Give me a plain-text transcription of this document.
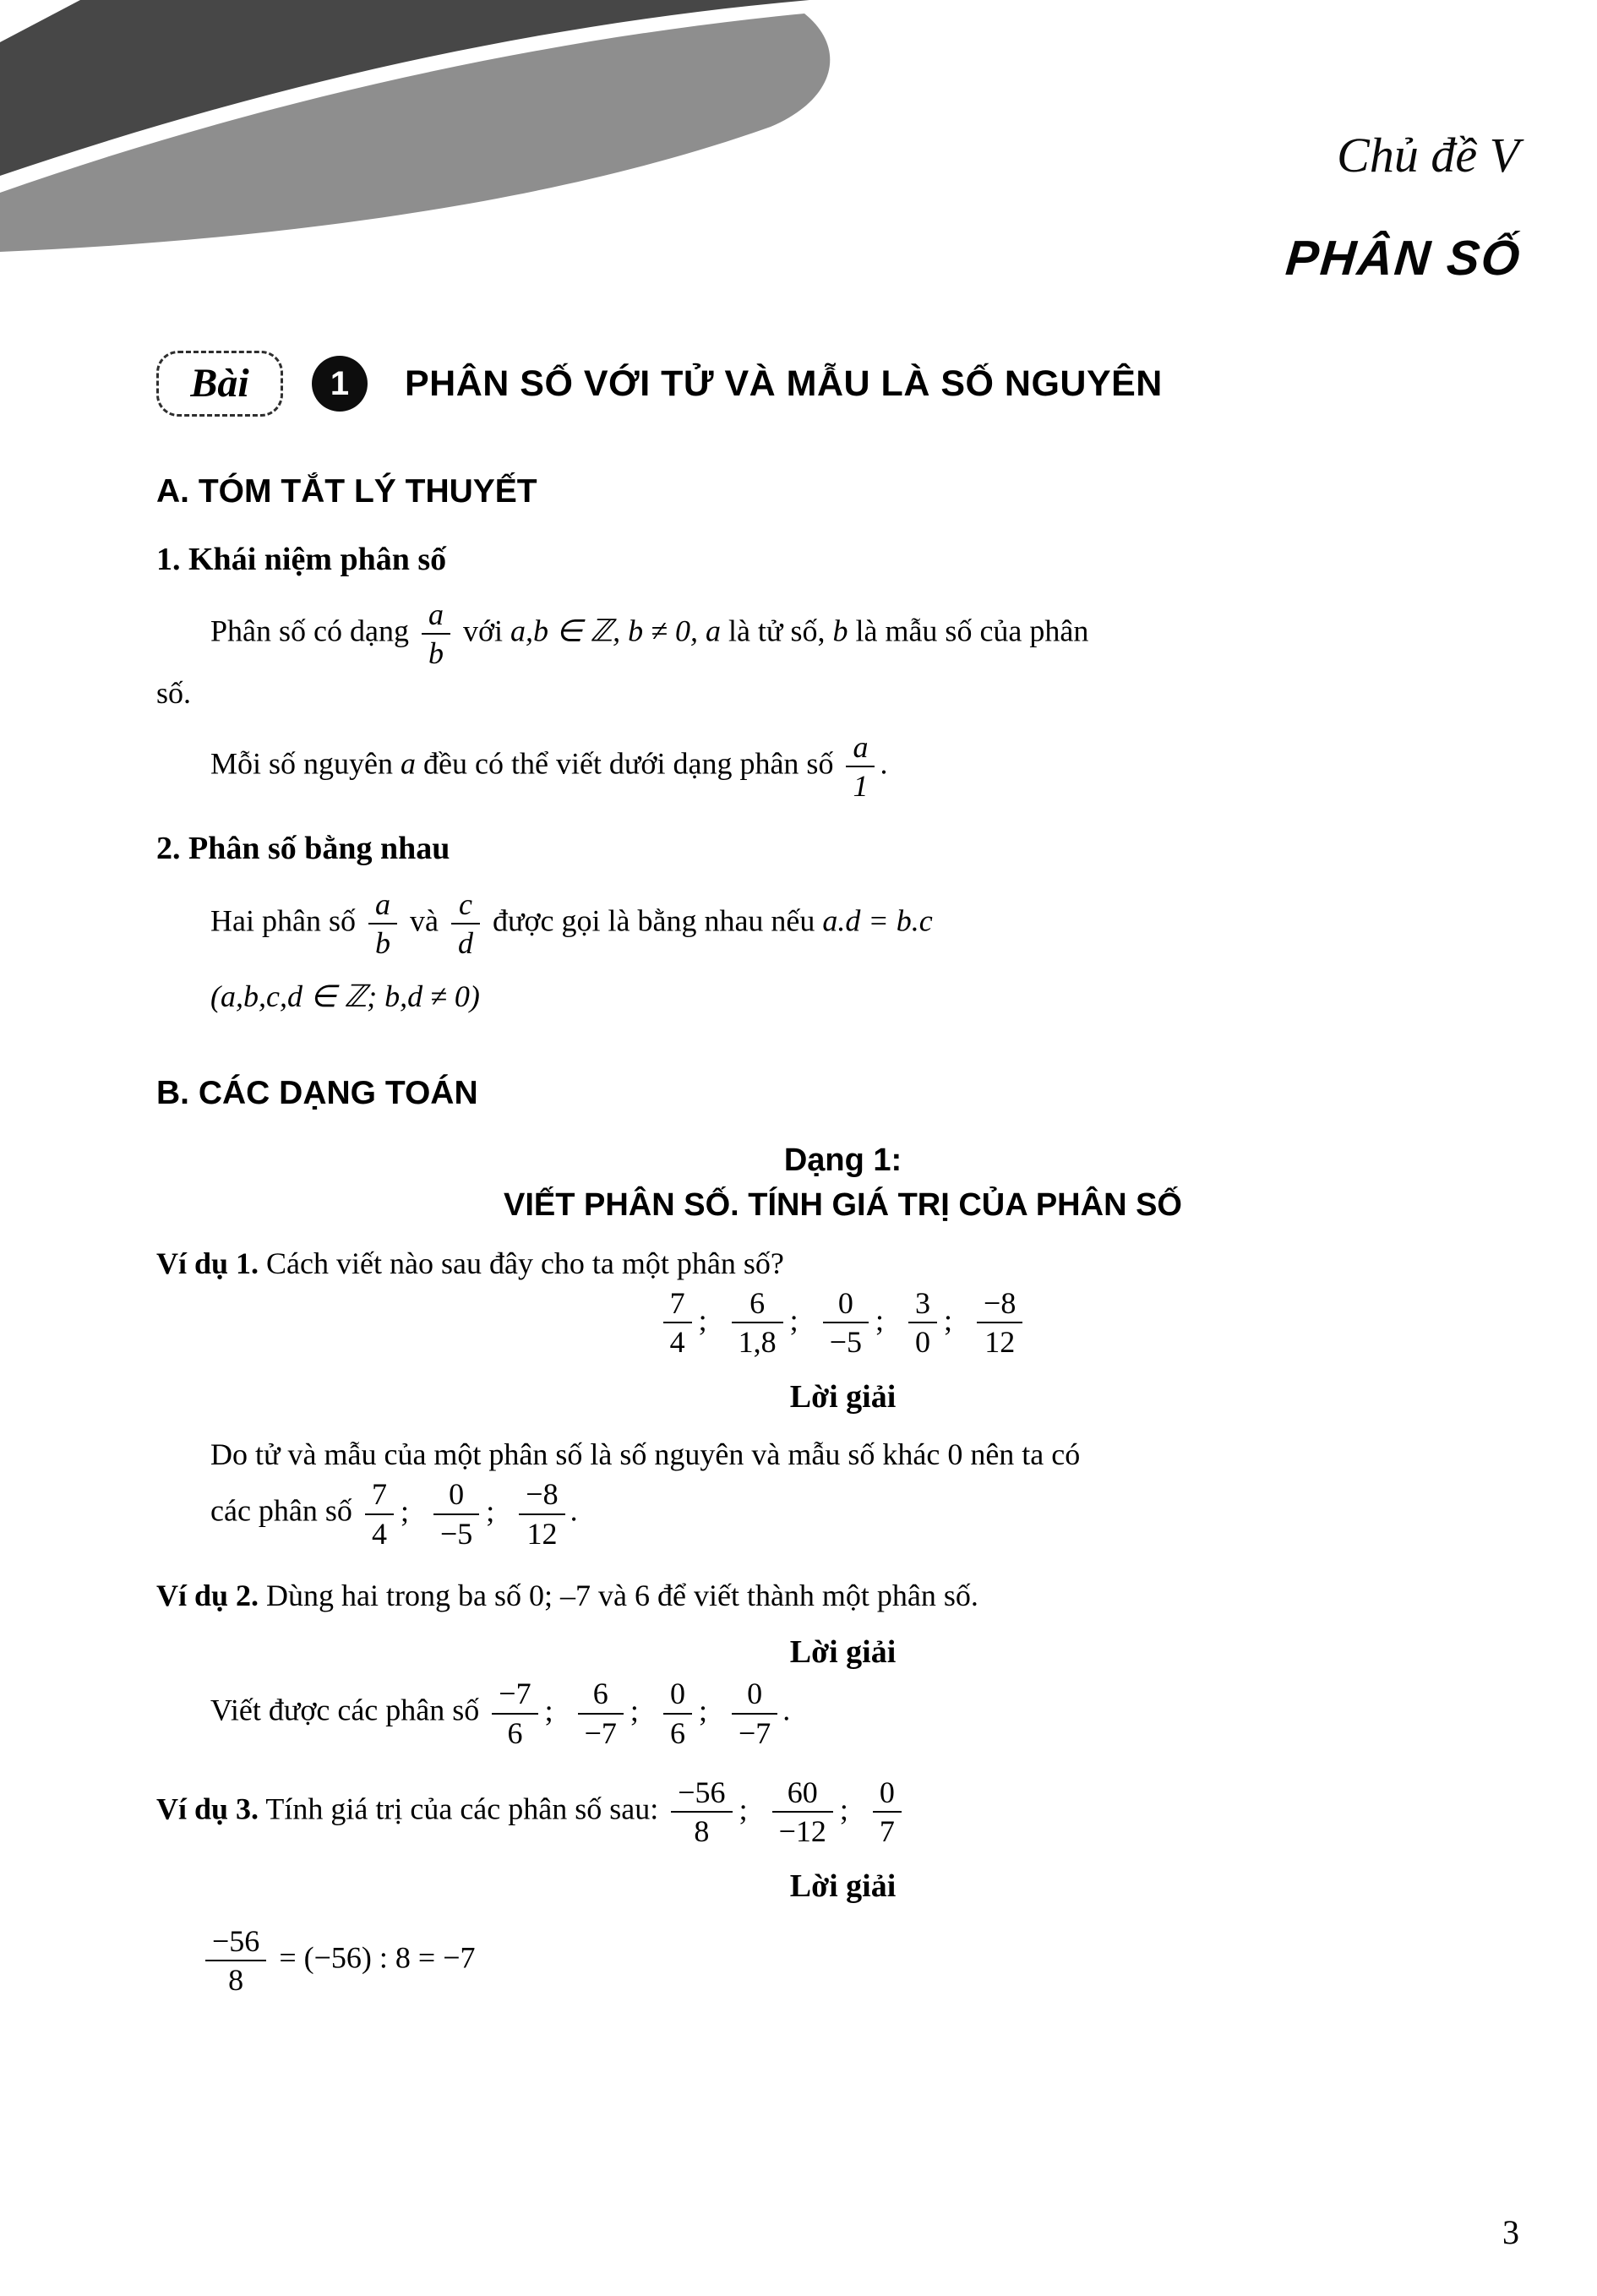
Chủ đề V
PHÂN SỐ
Bài 1 PHÂN SỐ VỚI TỬ VÀ MẪU LÀ SỐ NGUYÊN
A. TÓM TẮT LÝ THUYẾT
1. Khái niệm phân số
Phân số có dạng $\frac{a}{b}$ với a,b ∈ ℤ, b ≠ 0, a là tử số, b là mẫu số của phân
số.
Mỗi số nguyên a đều có thể viết dưới dạng phân số $\frac{a}{1}$ .
2. Phân số bằng nhau
Hai phân số $\frac{a}{b}$ và $\frac{c}{d}$ được gọi là bằng nhau nếu a.d = b.c
(a,b,c,d ∈ ℤ; b,d ≠ 0)
B. CÁC DẠNG TOÁN
Dạng 1:
VIẾT PHÂN SỐ. TÍNH GIÁ TRỊ CỦA PHÂN SỐ
Ví dụ 1. Cách viết nào sau đây cho ta một phân số?
$\frac{7}{4}$ ; $\frac{6}{1,8}$ ; $\frac{0}{-5}$ ; $\frac{3}{0}$ ; $\frac{-8}{12}$
Lời giải
Do tử và mẫu của một phân số là số nguyên và mẫu số khác 0 nên ta có
các phân số $\frac{7}{4}$ ; $\frac{0}{-5}$ ; $\frac{-8}{12}$ .
Ví dụ 2. Dùng hai trong ba số 0; –7 và 6 để viết thành một phân số.
Lời giải
Viết được các phân số $\frac{-7}{6}$ ; $\frac{6}{-7}$ ; $\frac{0}{6}$ ; $\frac{0}{-7}$ .
Ví dụ 3. Tính giá trị của các phân số sau: $\frac{-56}{8}$ ; $\frac{60}{-12}$ ; $\frac{0}{7}$
Lời giải
$\frac{-56}{8} = (-56)$ : 8 = −7
3
